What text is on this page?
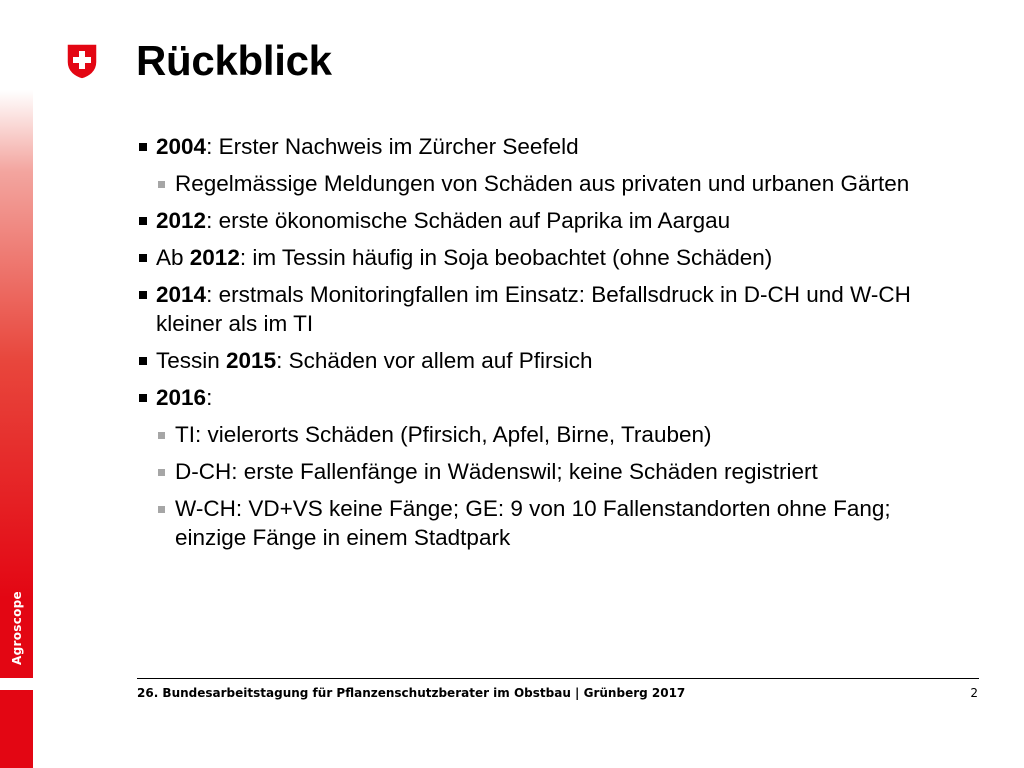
Agroscope
Rückblick
2004: Erster Nachweis im Zürcher Seefeld
Regelmässige Meldungen von Schäden aus privaten und urbanen Gärten
2012: erste ökonomische Schäden auf Paprika im Aargau
Ab 2012: im Tessin häufig in Soja beobachtet (ohne Schäden)
2014: erstmals Monitoringfallen im Einsatz: Befallsdruck in D-CH und W-CH kleiner als im TI
Tessin 2015: Schäden vor allem auf Pfirsich
2016:
TI: vielerorts Schäden (Pfirsich, Apfel, Birne, Trauben)
D-CH: erste Fallenfänge in Wädenswil; keine Schäden registriert
W-CH: VD+VS keine Fänge; GE: 9 von 10 Fallenstandorten ohne Fang; einzige Fänge in einem Stadtpark
26. Bundesarbeitstagung für Pflanzenschutzberater im Obstbau | Grünberg 2017	2
